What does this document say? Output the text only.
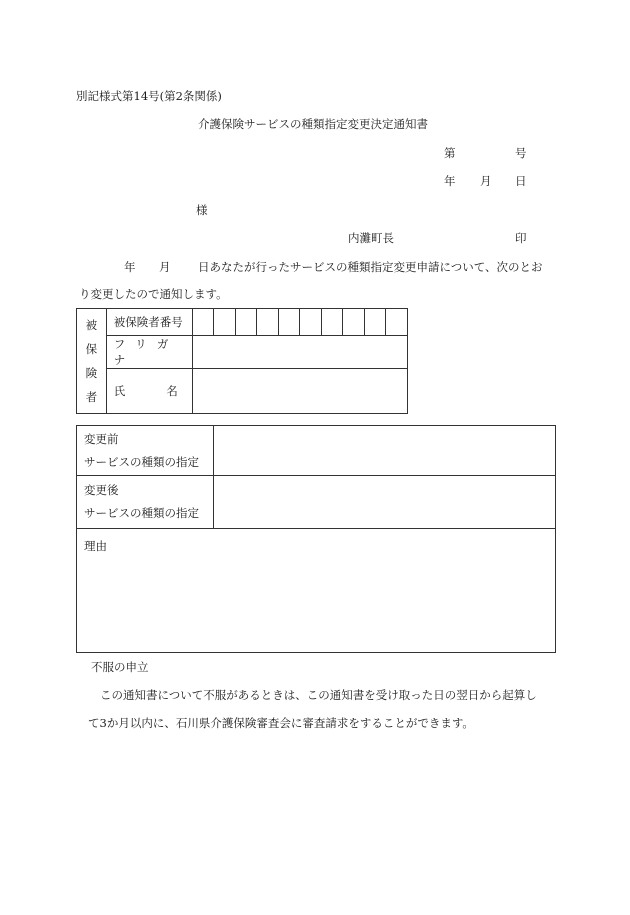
別記様式第14号(第2条関係)
介護保険サービスの種類指定変更決定通知書
第	号
年 月 日
様
内灘町長	印
年 月 日あなたが行ったサービスの種類指定変更申請について、次のとお
り変更したので通知します。
被
保
険
者	被保険者番号										
	フリガナ										

	氏 名										

変更前
サービスの種類の指定	

変更後
サービスの種類の指定	

理由	
不服の申立
この通知書について不服があるときは、この通知書を受け取った日の翌日から起算し
て3か月以内に、石川県介護保険審査会に審査請求をすることができます。
